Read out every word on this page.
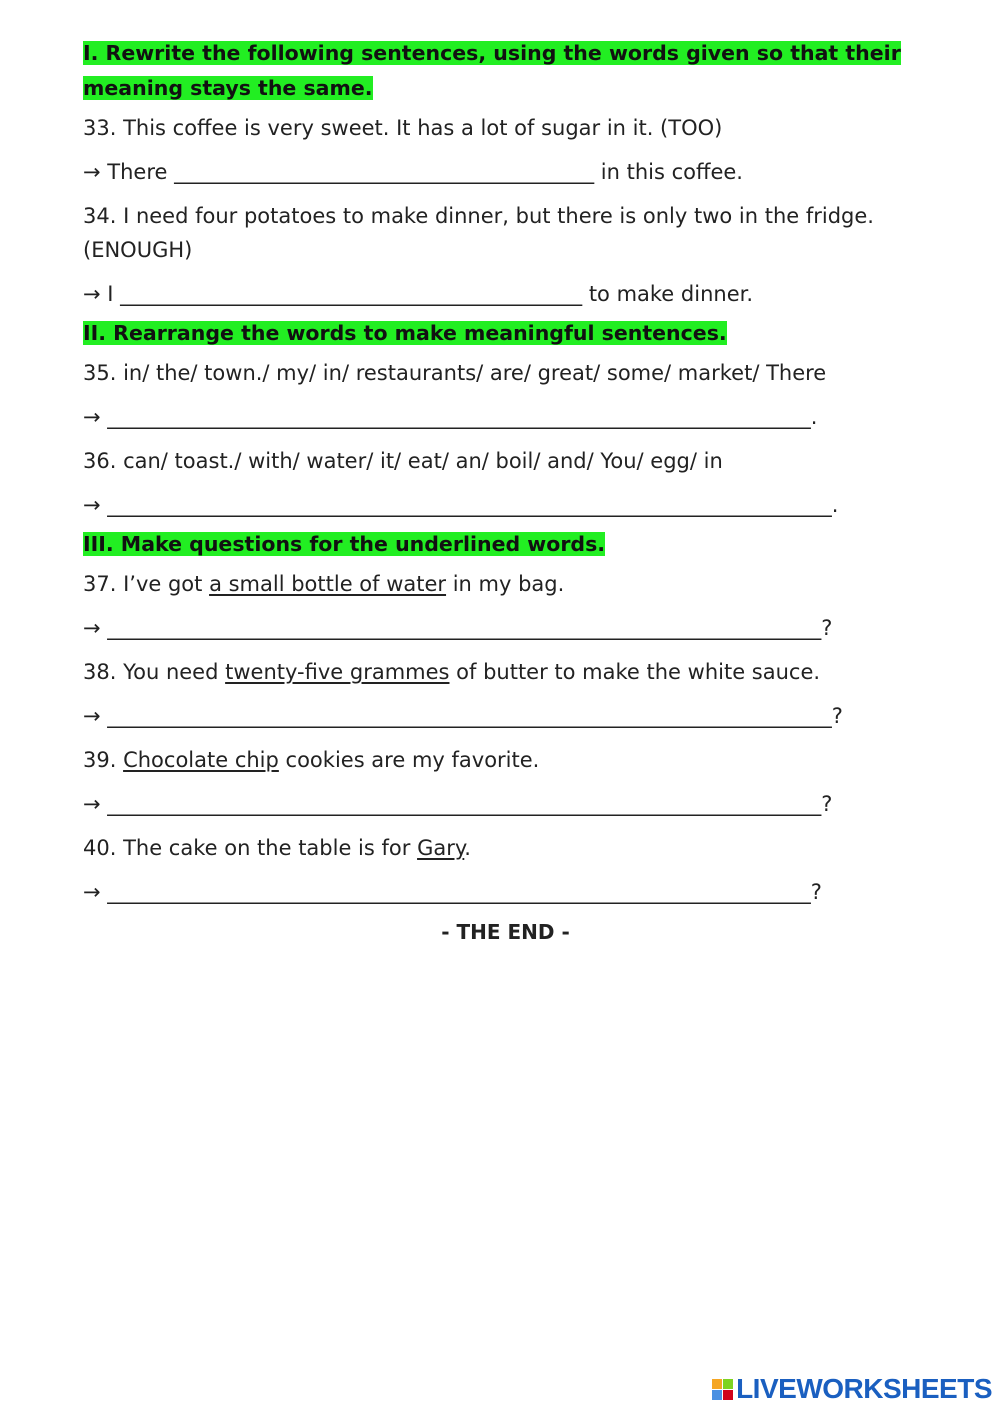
I. Rewrite the following sentences, using the words given so that their
meaning stays the same.

33. This coffee is very sweet. It has a lot of sugar in it. (TOO)

→ There ________________________________________ in this coffee.

34. I need four potatoes to make dinner, but there is only two in the fridge. (ENOUGH)

→ I ____________________________________________ to make dinner.

II. Rearrange the words to make meaningful sentences.

35. in/ the/ town./ my/ in/ restaurants/ are/ great/ some/ market/ There

→ ___________________________________________________________________.

36. can/ toast./ with/ water/ it/ eat/ an/ boil/ and/ You/ egg/ in

→ _____________________________________________________________________.

III. Make questions for the underlined words.

37. I’ve got a small bottle of water in my bag.

→ ____________________________________________________________________?

38. You need twenty-five grammes of butter to make the white sauce.

→ _____________________________________________________________________?

39. Chocolate chip cookies are my favorite.

→ ____________________________________________________________________?

40. The cake on the table is for Gary.

→ ___________________________________________________________________?

- THE END -
LIVEWORKSHEETS
